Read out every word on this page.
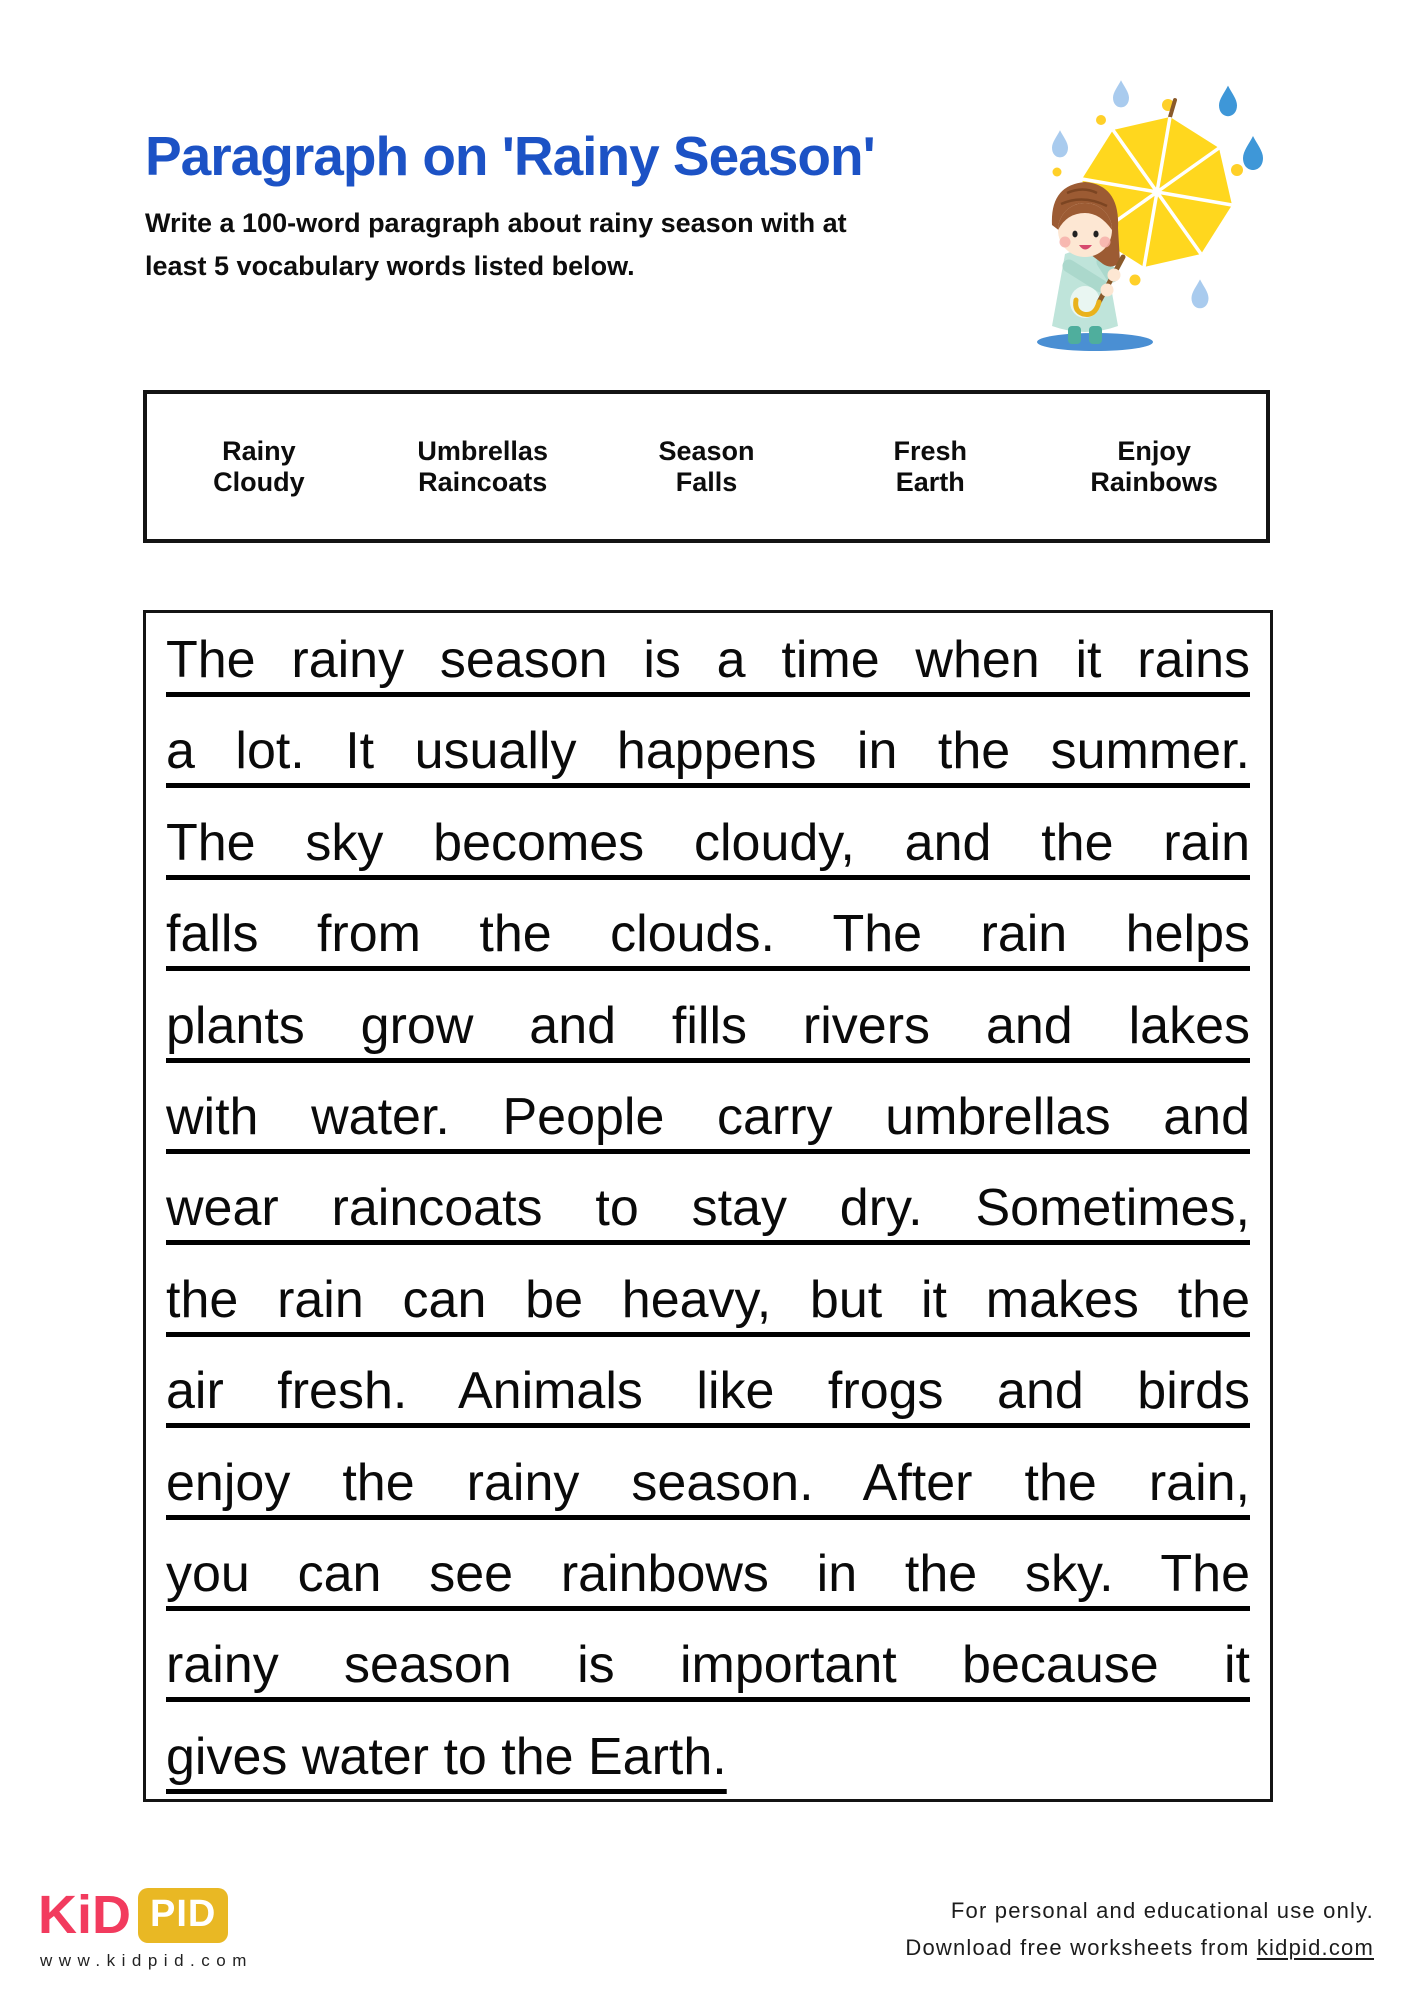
Paragraph on 'Rainy Season'

Write a 100-word paragraph about rainy season with at least 5 vocabulary words listed below.

Rainy	Umbrellas	Season	Fresh	Enjoy
Cloudy	Raincoats	Falls	Earth	Rainbows
The rainy season is a time when it rains
a lot. It usually happens in the summer.
The sky becomes cloudy, and the rain
falls from the clouds. The rain helps
plants grow and fills rivers and lakes
with water. People carry umbrellas and
wear raincoats to stay dry. Sometimes,
the rain can be heavy, but it makes the
air fresh. Animals like frogs and birds
enjoy the rainy season. After the rain,
you can see rainbows in the sky. The
rainy season is important because it
gives water to the Earth.
KiD PID
www.kidpid.com
For personal and educational use only.
Download free worksheets from kidpid.com
